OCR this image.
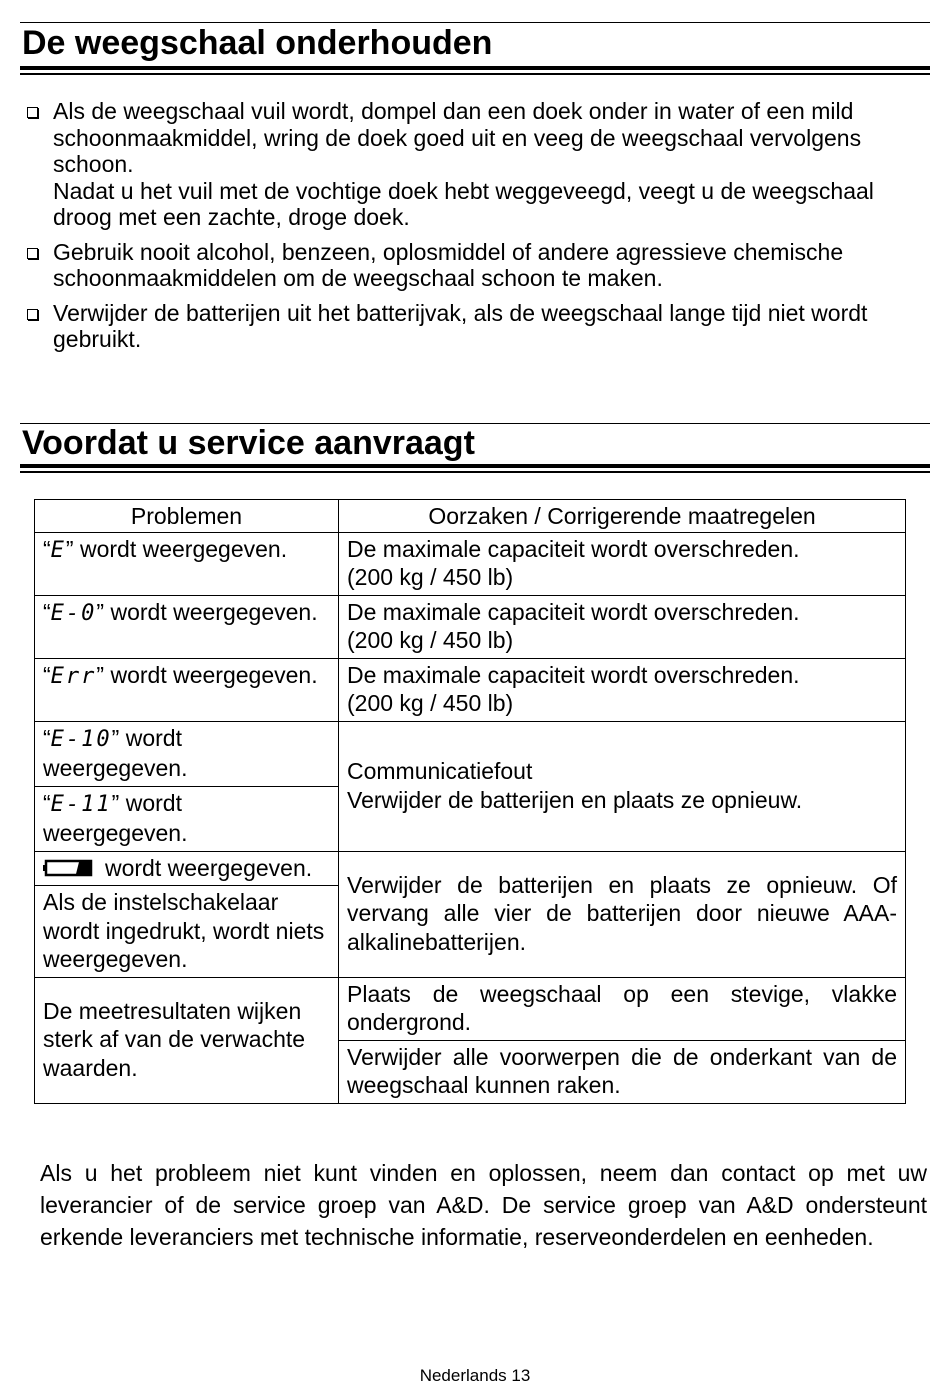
De weegschaal onderhouden
Als de weegschaal vuil wordt, dompel dan een doek onder in water of een mild schoonmaakmiddel, wring de doek goed uit en veeg de weegschaal vervolgens schoon.
Nadat u het vuil met de vochtige doek hebt weggeveegd, veegt u de weegschaal droog met een zachte, droge doek.
Gebruik nooit alcohol, benzeen, oplosmiddel of andere agressieve chemische schoonmaakmiddelen om de weegschaal schoon te maken.
Verwijder de batterijen uit het batterijvak, als de weegschaal lange tijd niet wordt gebruikt.
Voordat u service aanvraagt
Problemen	Oorzaken / Corrigerende maatregelen
“E” wordt weergegeven.	De maximale capaciteit wordt overschreden.
(200 kg / 450 lb)

“E-0” wordt weergegeven.	De maximale capaciteit wordt overschreden.
(200 kg / 450 lb)

“Err” wordt weergegeven.	De maximale capaciteit wordt overschreden.
(200 kg / 450 lb)

“E-10” wordt weergegeven.	Communicatiefout
Verwijder de batterijen en plaats ze opnieuw.

“E-11” wordt weergegeven.	
wordt weergegeven.	Verwijder de batterijen en plaats ze opnieuw. Of vervang alle vier de batterijen door nieuwe AAA-alkalinebatterijen.
Als de instelschakelaar wordt ingedrukt, wordt niets weergegeven.	
De meetresultaten wijken sterk af van de verwachte waarden.	Plaats de weegschaal op een stevige, vlakke ondergrond.
	Verwijder alle voorwerpen die de onderkant van de weegschaal kunnen raken.

Als u het probleem niet kunt vinden en oplossen, neem dan contact op met uw leverancier of de service groep van A&D. De service groep van A&D ondersteunt erkende leveranciers met technische informatie, reserveonderdelen en eenheden.

Nederlands 13
